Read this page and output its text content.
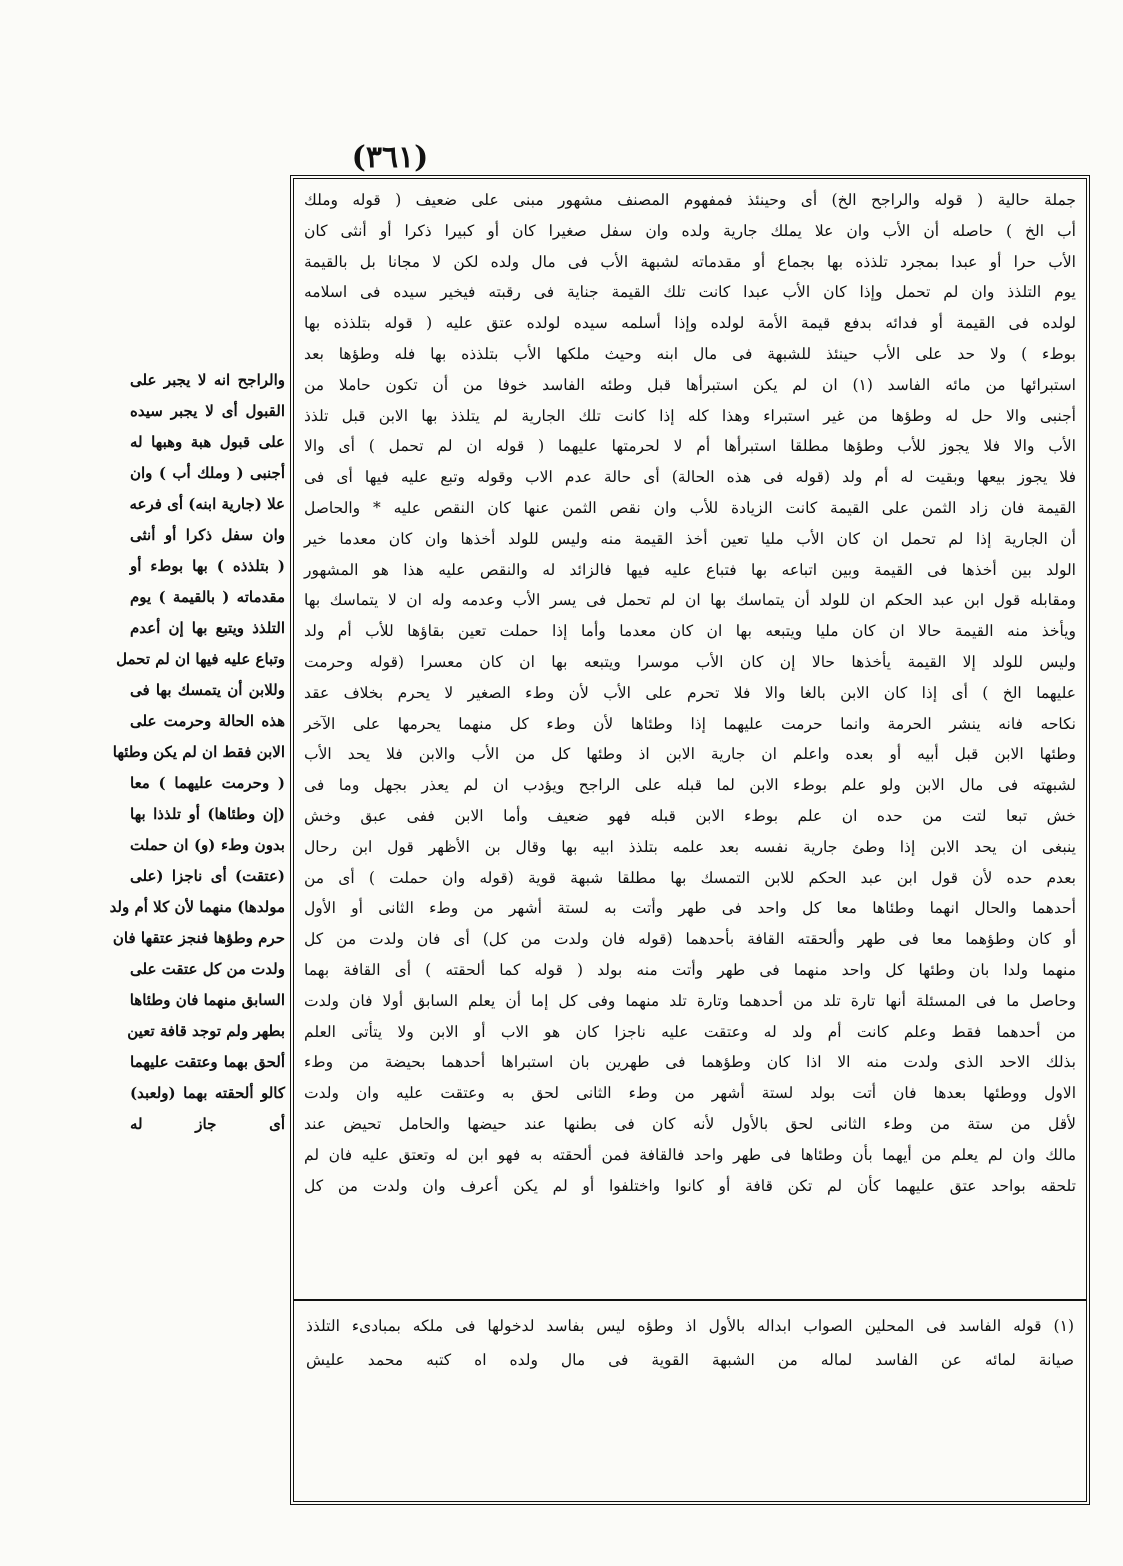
(٣٦١)
والراجح انه لا يجبر على
القبول أى لا يجبر سيده
على قبول هبة وهبها له
أجنبى ( وملك أب ) وان
علا (جارية ابنه) أى فرعه
وان سفل ذكرا أو أنثى
( بتلذذه ) بها بوطء أو
مقدماته ( بالقيمة ) يوم
التلذذ ويتبع بها إن أعدم
وتباع عليه فيها ان لم تحمل
وللابن أن يتمسك بها فى
هذه الحالة وحرمت على
الابن فقط ان لم يكن وطئها
( وحرمت عليهما ) معا
(إن وطئاها) أو تلذذا بها
بدون وطء (و) ان حملت
(عتقت) أى ناجزا (على
مولدها) منهما لأن كلا أم ولد
حرم وطؤها فنجز عتقها فان
ولدت من كل عتقت على
السابق منهما فان وطئاها
بطهر ولم توجد قافة تعين
ألحق بهما وعتقت عليهما
كالو ألحقته بهما (ولعبد)
أى جاز له
جملة حالية ( قوله والراجح الخ) أى وحينئذ فمفهوم المصنف مشهور مبنى على ضعيف ( قوله وملك
أب الخ ) حاصله أن الأب وان علا يملك جارية ولده وان سفل صغيرا كان أو كبيرا ذكرا أو أنثى كان
الأب حرا أو عبدا بمجرد تلذذه بها بجماع أو مقدماته لشبهة الأب فى مال ولده لكن لا مجانا بل بالقيمة
يوم التلذذ وان لم تحمل وإذا كان الأب عبدا كانت تلك القيمة جناية فى رقبته فيخير سيده فى اسلامه
لولده فى القيمة أو فدائه بدفع قيمة الأمة لولده وإذا أسلمه سيده لولده عتق عليه ( قوله بتلذذه بها
بوطء ) ولا حد على الأب حينئذ للشبهة فى مال ابنه وحيث ملكها الأب بتلذذه بها فله وطؤها بعد
استبرائها من مائه الفاسد (١) ان لم يكن استبرأها قبل وطئه الفاسد خوفا من أن تكون حاملا من
أجنبى والا حل له وطؤها من غير استبراء وهذا كله إذا كانت تلك الجارية لم يتلذذ بها الابن قبل تلذذ
الأب والا فلا يجوز للأب وطؤها مطلقا استبرأها أم لا لحرمتها عليهما ( قوله ان لم تحمل ) أى والا
فلا يجوز بيعها وبقيت له أم ولد (قوله فى هذه الحالة) أى حالة عدم الاب وقوله وتبع عليه فيها أى فى
القيمة فان زاد الثمن على القيمة كانت الزيادة للأب وان نقص الثمن عنها كان النقص عليه * والحاصل
أن الجارية إذا لم تحمل ان كان الأب مليا تعين أخذ القيمة منه وليس للولد أخذها وان كان معدما خير
الولد بين أخذها فى القيمة وبين اتباعه بها فتباع عليه فيها فالزائد له والنقص عليه هذا هو المشهور
ومقابله قول ابن عبد الحكم ان للولد أن يتماسك بها ان لم تحمل فى يسر الأب وعدمه وله ان لا يتماسك بها
ويأخذ منه القيمة حالا ان كان مليا ويتبعه بها ان كان معدما وأما إذا حملت تعين بقاؤها للأب أم ولد
وليس للولد إلا القيمة يأخذها حالا إن كان الأب موسرا ويتبعه بها ان كان معسرا (قوله وحرمت
عليهما الخ ) أى إذا كان الابن بالغا والا فلا تحرم على الأب لأن وطء الصغير لا يحرم بخلاف عقد
نكاحه فانه ينشر الحرمة وانما حرمت عليهما إذا وطئاها لأن وطء كل منهما يحرمها على الآخر
وطئها الابن قبل أبيه أو بعده واعلم ان جارية الابن اذ وطئها كل من الأب والابن فلا يحد الأب
لشبهته فى مال الابن ولو علم بوطء الابن لما قبله على الراجح ويؤدب ان لم يعذر بجهل وما فى
خش تبعا لتت من حده ان علم بوطء الابن قبله فهو ضعيف وأما الابن ففى عبق وخش
ينبغى ان يحد الابن إذا وطئ جارية نفسه بعد علمه بتلذذ ابيه بها وقال بن الأظهر قول ابن رحال
بعدم حده لأن قول ابن عبد الحكم للابن التمسك بها مطلقا شبهة قوية (قوله وان حملت ) أى من
أحدهما والحال انهما وطئاها معا كل واحد فى طهر وأتت به لستة أشهر من وطء الثانى أو الأول
أو كان وطؤهما معا فى طهر وألحقته القافة بأحدهما (قوله فان ولدت من كل) أى فان ولدت من كل
منهما ولدا بان وطئها كل واحد منهما فى طهر وأتت منه بولد ( قوله كما ألحقته ) أى القافة بهما
وحاصل ما فى المسئلة أنها تارة تلد من أحدهما وتارة تلد منهما وفى كل إما أن يعلم السابق أولا فان ولدت
من أحدهما فقط وعلم كانت أم ولد له وعتقت عليه ناجزا كان هو الاب أو الابن ولا يتأتى العلم
بذلك الاحد الذى ولدت منه الا اذا كان وطؤهما فى طهرين بان استبراها أحدهما بحيضة من وطء
الاول ووطئها بعدها فان أتت بولد لستة أشهر من وطء الثانى لحق به وعتقت عليه وان ولدت
لأقل من ستة من وطء الثانى لحق بالأول لأنه كان فى بطنها عند حيضها والحامل تحيض عند
مالك وان لم يعلم من أيهما بأن وطئاها فى طهر واحد فالقافة فمن ألحقته به فهو ابن له وتعتق عليه فان لم
تلحقه بواحد عتق عليهما كأن لم تكن قافة أو كانوا واختلفوا أو لم يكن أعرف وان ولدت من كل
(١) قوله الفاسد فى المحلين الصواب ابداله بالأول اذ وطؤه ليس بفاسد لدخولها فى ملكه بمبادىء التلذذ
صيانة لمائه عن الفاسد لماله من الشبهة القوية فى مال ولده اه كتبه محمد عليش
